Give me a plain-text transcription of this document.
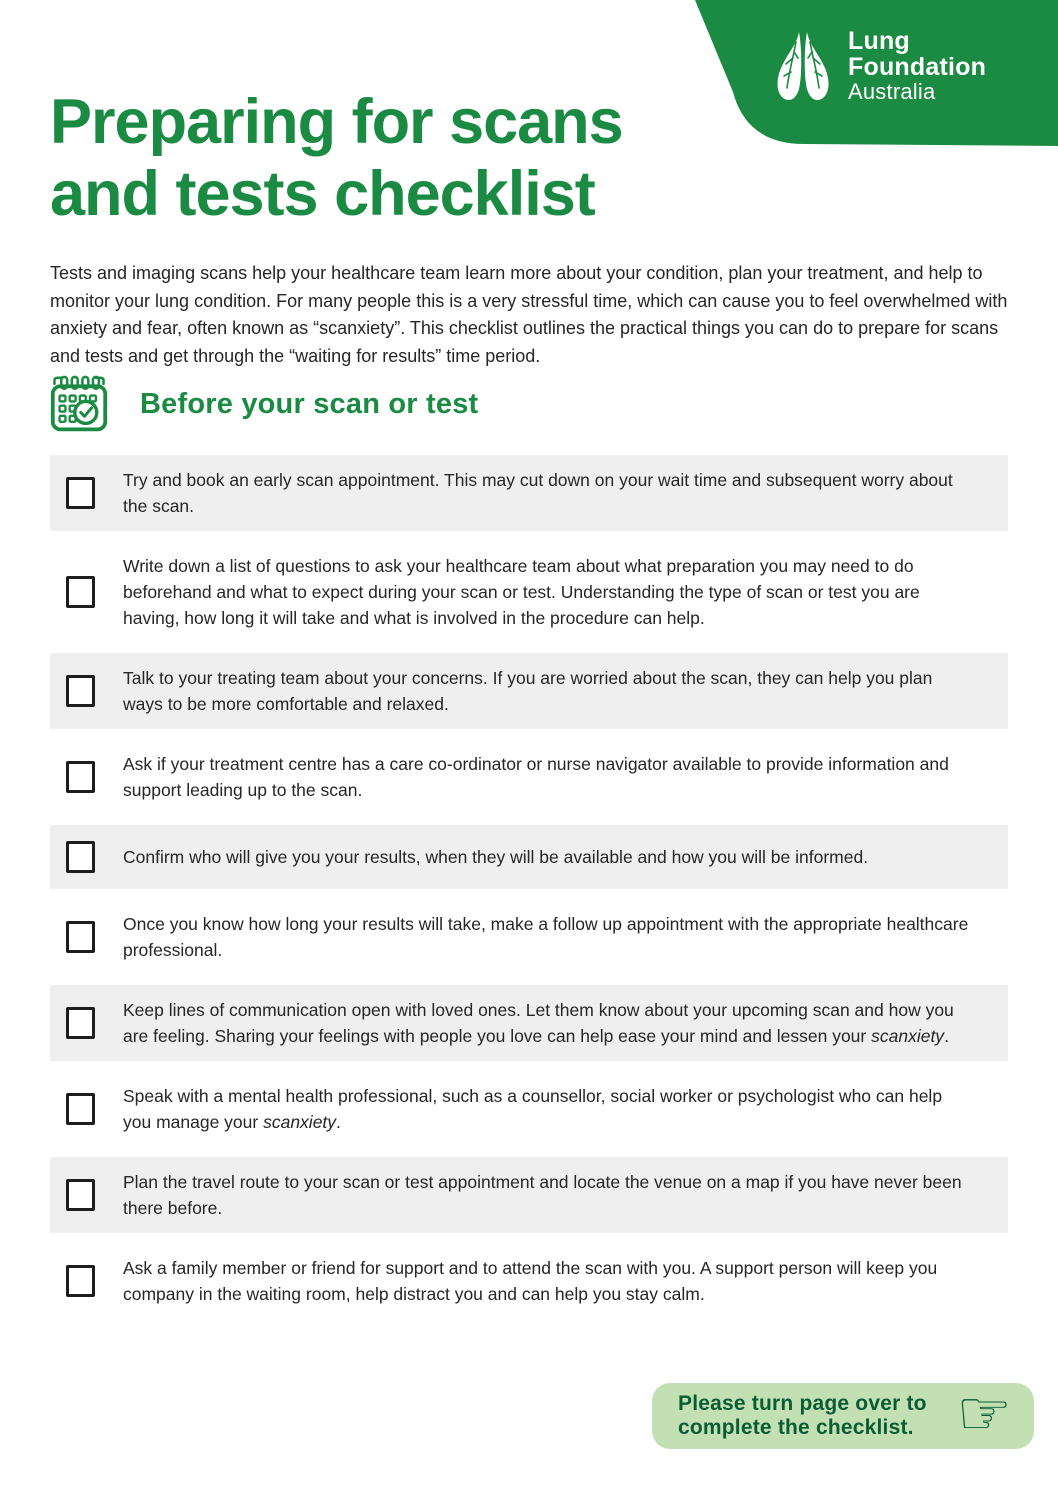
Lung
Foundation
Australia
Preparing for scans
and tests checklist

Tests and imaging scans help your healthcare team learn more about your condition, plan your treatment, and help to monitor your lung condition. For many people this is a very stressful time, which can cause you to feel overwhelmed with anxiety and fear, often known as “scanxiety”. This checklist outlines the practical things you can do to prepare for scans and tests and get through the “waiting for results” time period.

Before your scan or test

Try and book an early scan appointment. This may cut down on your wait time and subsequent worry about the scan.

Write down a list of questions to ask your healthcare team about what preparation you may need to do beforehand and what to expect during your scan or test. Understanding the type of scan or test you are having, how long it will take and what is involved in the procedure can help.

Talk to your treating team about your concerns. If you are worried about the scan, they can help you plan ways to be more comfortable and relaxed.

Ask if your treatment centre has a care co-ordinator or nurse navigator available to provide information and support leading up to the scan.

Confirm who will give you your results, when they will be available and how you will be informed.

Once you know how long your results will take, make a follow up appointment with the appropriate healthcare professional.

Keep lines of communication open with loved ones. Let them know about your upcoming scan and how you are feeling. Sharing your feelings with people you love can help ease your mind and lessen your scanxiety.

Speak with a mental health professional, such as a counsellor, social worker or psychologist who can help you manage your scanxiety.

Plan the travel route to your scan or test appointment and locate the venue on a map if you have never been there before.

Ask a family member or friend for support and to attend the scan with you. A support person will keep you company in the waiting room, help distract you and can help you stay calm.

Please turn page over to
complete the checklist. ☞
